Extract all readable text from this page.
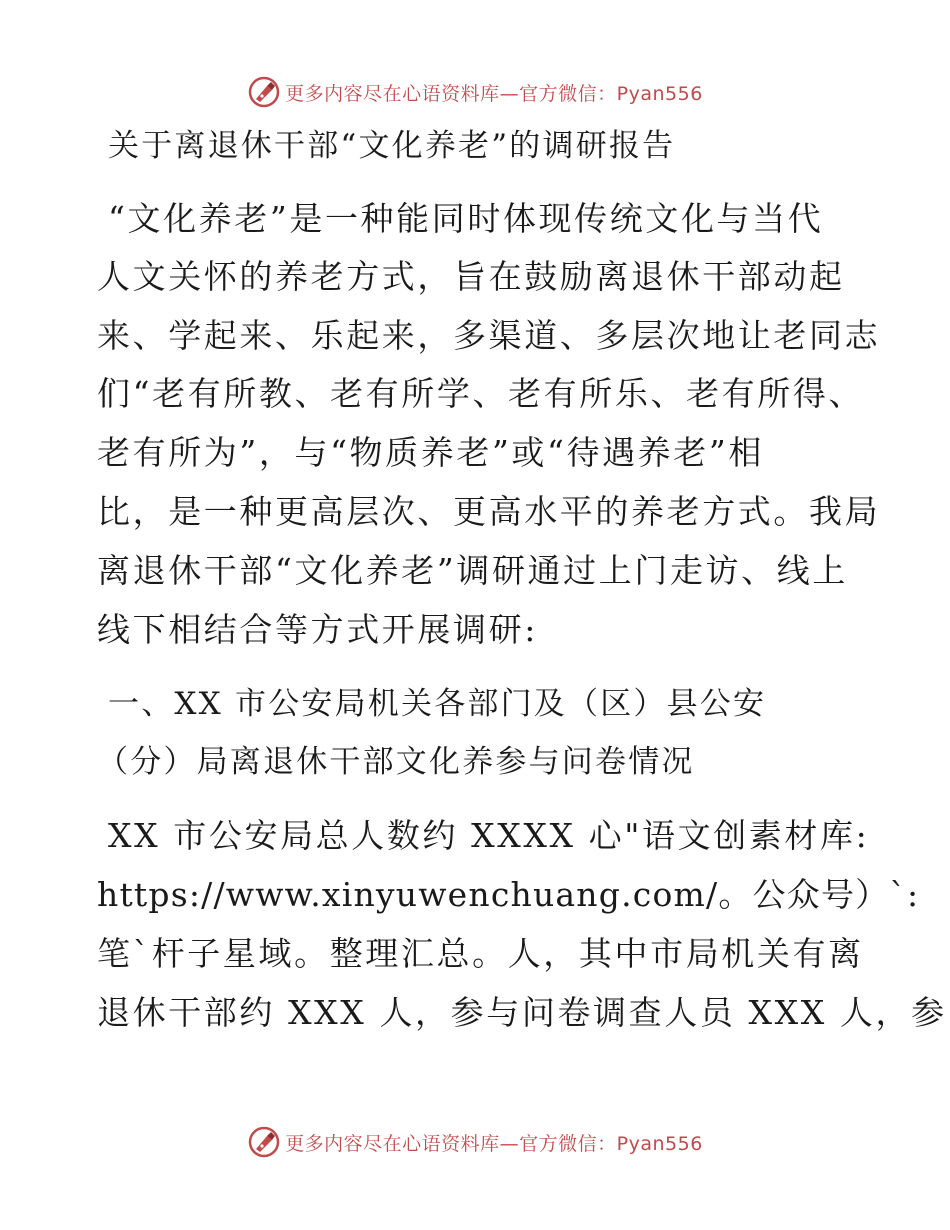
更多内容尽在心语资料库—官方微信：Pyan556
关于离退休干部“文化养老”的调研报告
“文化养老”是一种能同时体现传统文化与当代
人文关怀的养老方式，旨在鼓励离退休干部动起
来、学起来、乐起来，多渠道、多层次地让老同志
们“老有所教、老有所学、老有所乐、老有所得、
老有所为”，与“物质养老”或“待遇养老”相
比，是一种更高层次、更高水平的养老方式。我局
离退休干部“文化养老”调研通过上门走访、线上
线下相结合等方式开展调研:
一、XX 市公安局机关各部门及（区）县公安
（分）局离退休干部文化养参与问卷情况
XX 市公安局总人数约 XXXX 心"语文创素材库:
https://www.xinyuwenchuang.com/。公众号）`:
笔`杆子星域。整理汇总。人，其中市局机关有离
退休干部约 XXX 人，参与问卷调查人员 XXX 人，参
更多内容尽在心语资料库—官方微信：Pyan556
